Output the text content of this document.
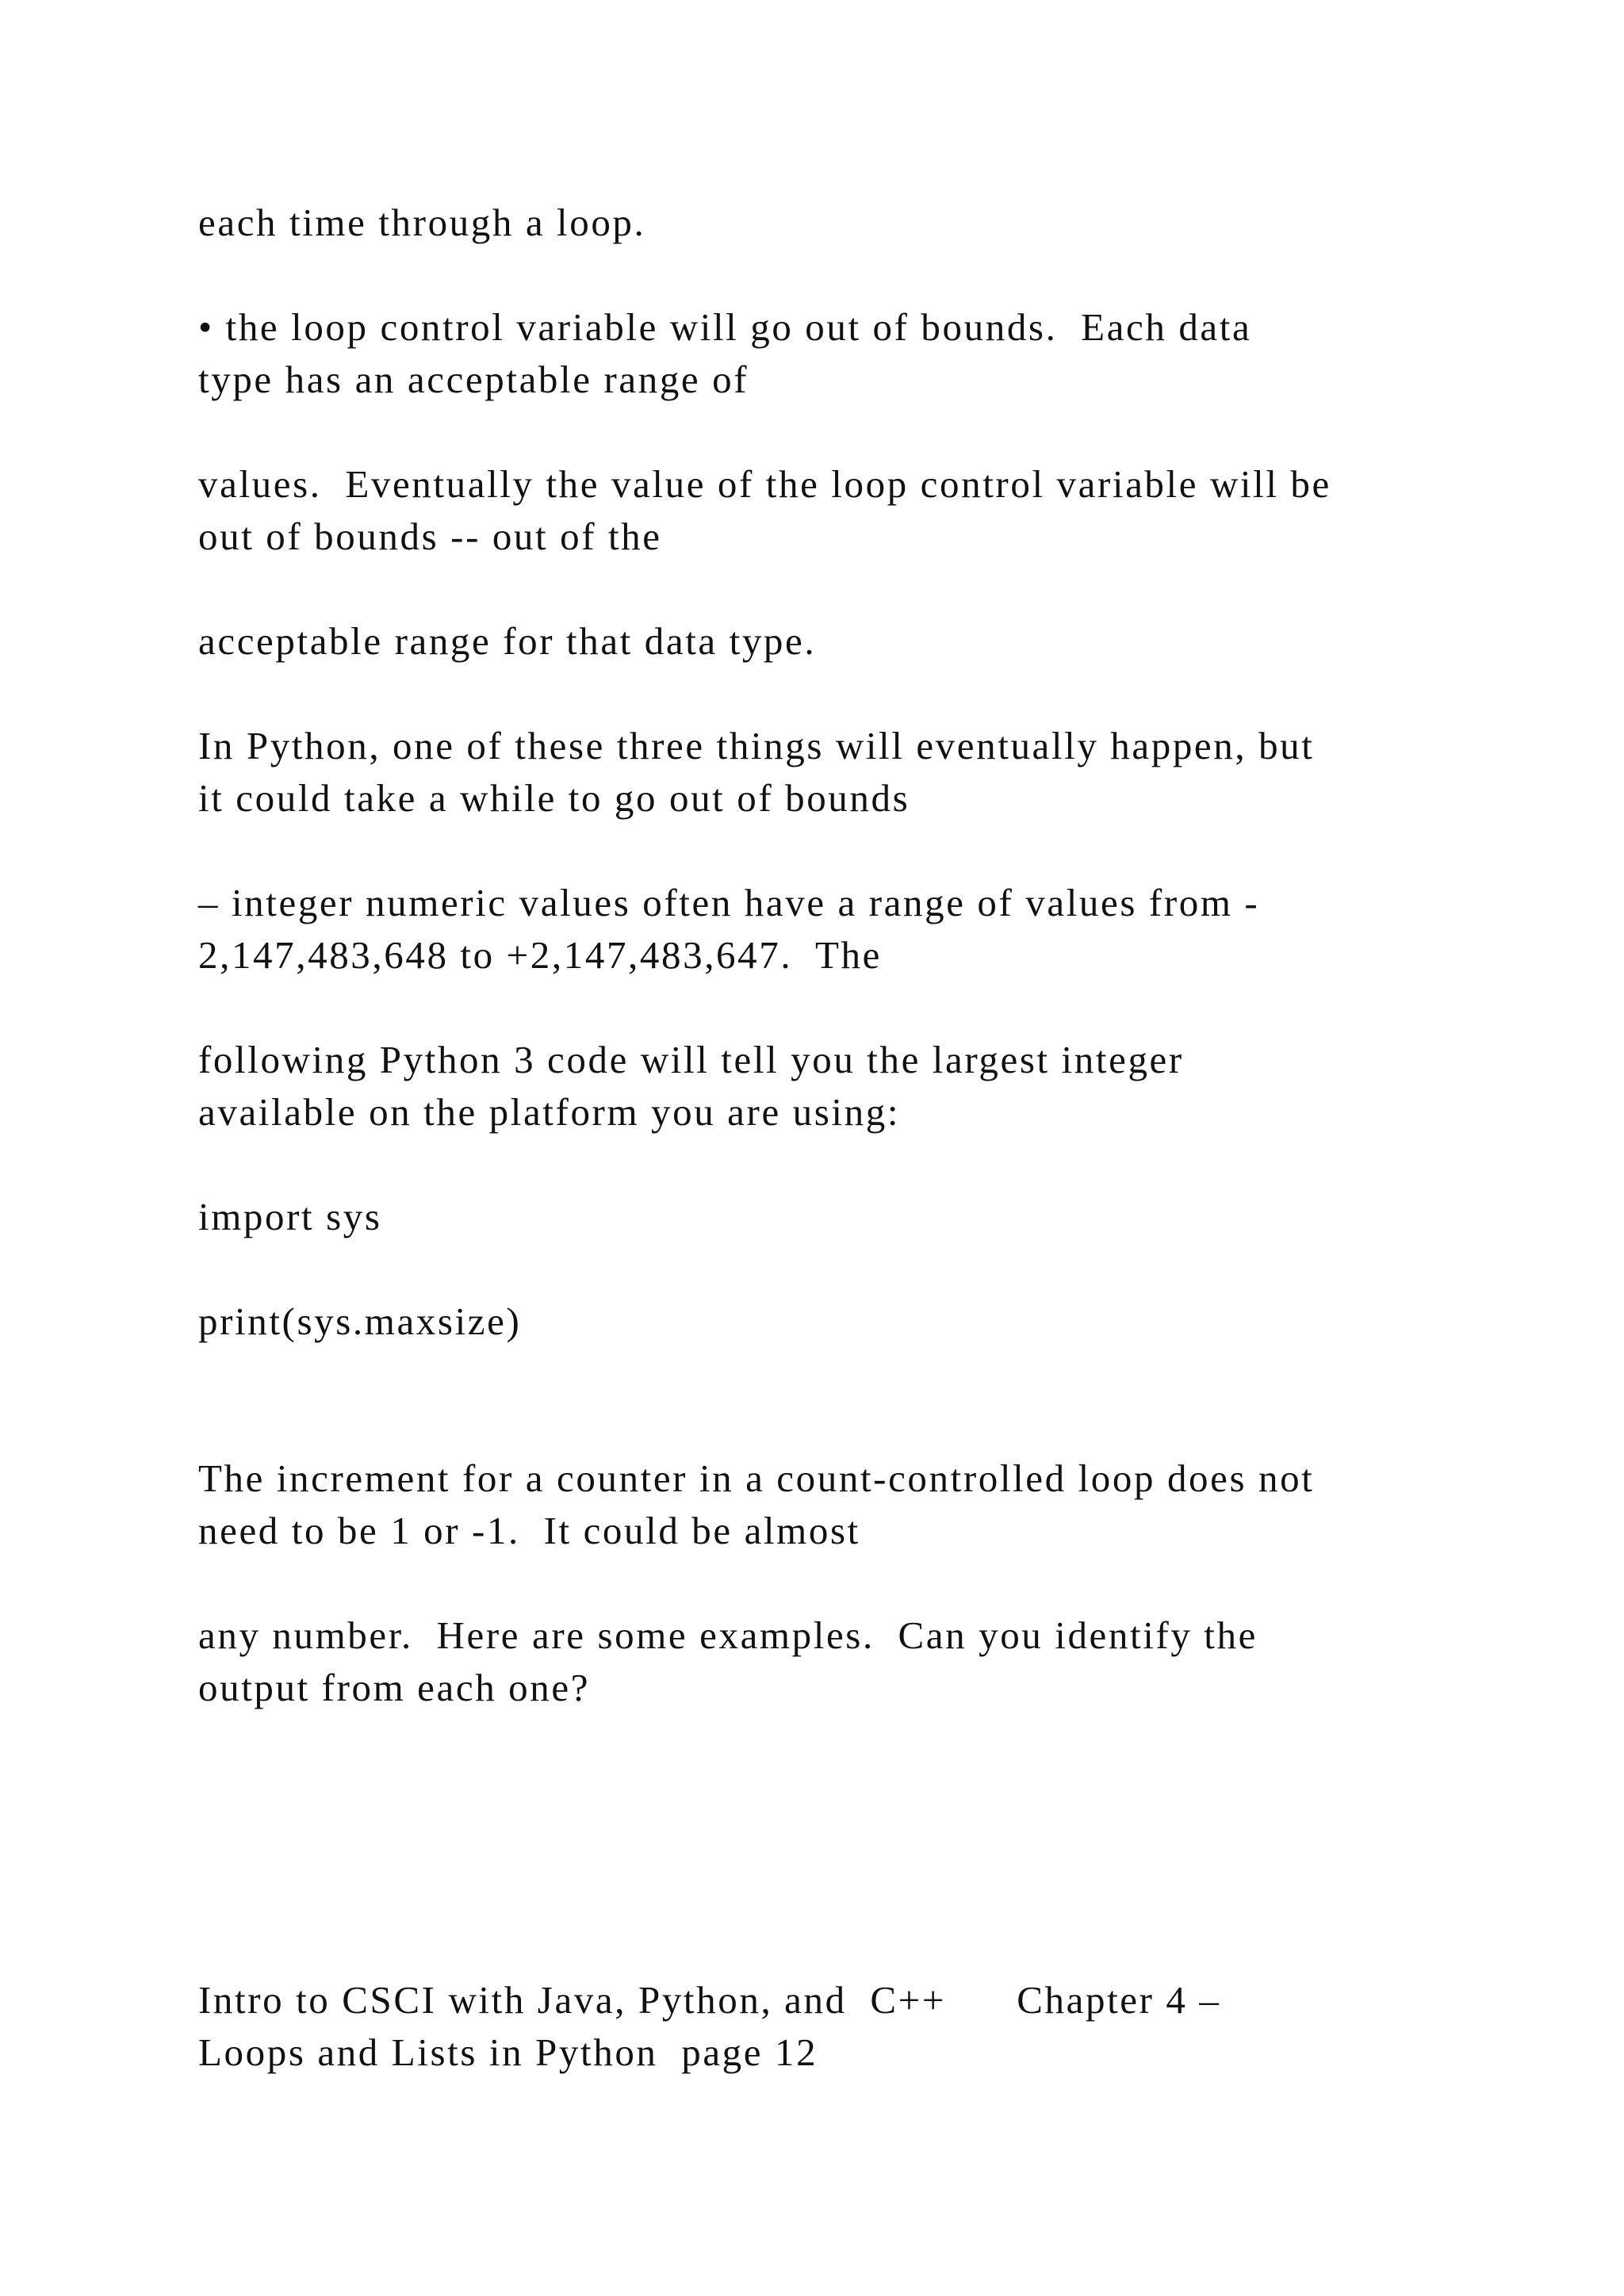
each time through a loop.

• the loop control variable will go out of bounds.  Each data

type has an acceptable range of

values.  Eventually the value of the loop control variable will be

out of bounds -- out of the

acceptable range for that data type.

In Python, one of these three things will eventually happen, but

it could take a while to go out of bounds

– integer numeric values often have a range of values from -

2,147,483,648 to +2,147,483,647.  The

following Python 3 code will tell you the largest integer

available on the platform you are using:

import sys

print(sys.maxsize)

The increment for a counter in a count-controlled loop does not

need to be 1 or -1.  It could be almost

any number.  Here are some examples.  Can you identify the

output from each one?

Intro to CSCI with Java, Python, and  C++      Chapter 4 –

Loops and Lists in Python  page 12
